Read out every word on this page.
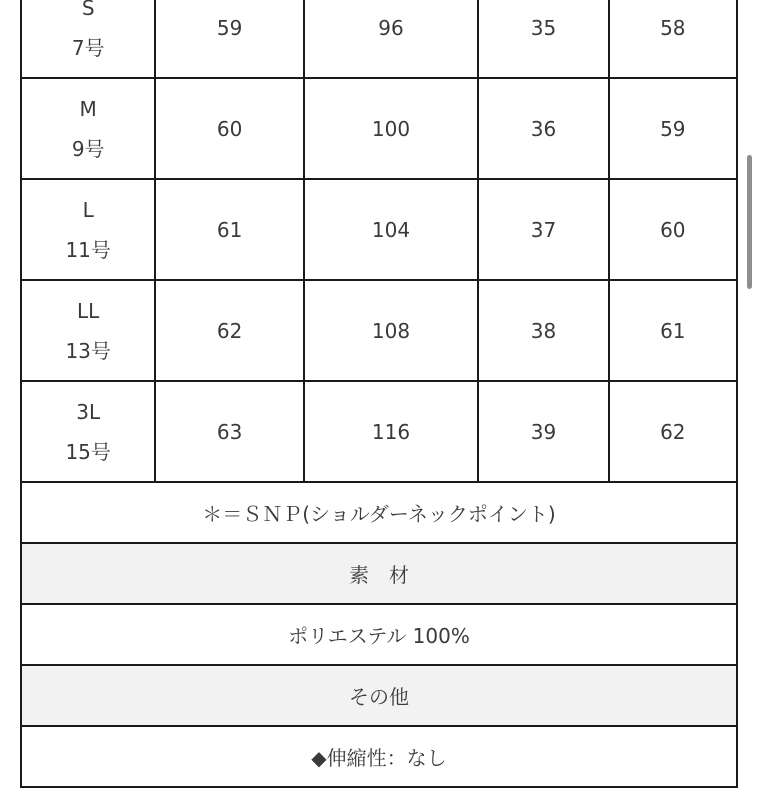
S
7号	59	96	35	58

M
9号	60	100	36	59

L
11号	61	104	37	60

LL
13号	62	108	38	61

3L
15号	63	116	39	62
＊＝ＳＮＰ(ショルダーネックポイント)				
素　材				
ポリエステル 100%				
その他				
◆伸縮性：なし				
